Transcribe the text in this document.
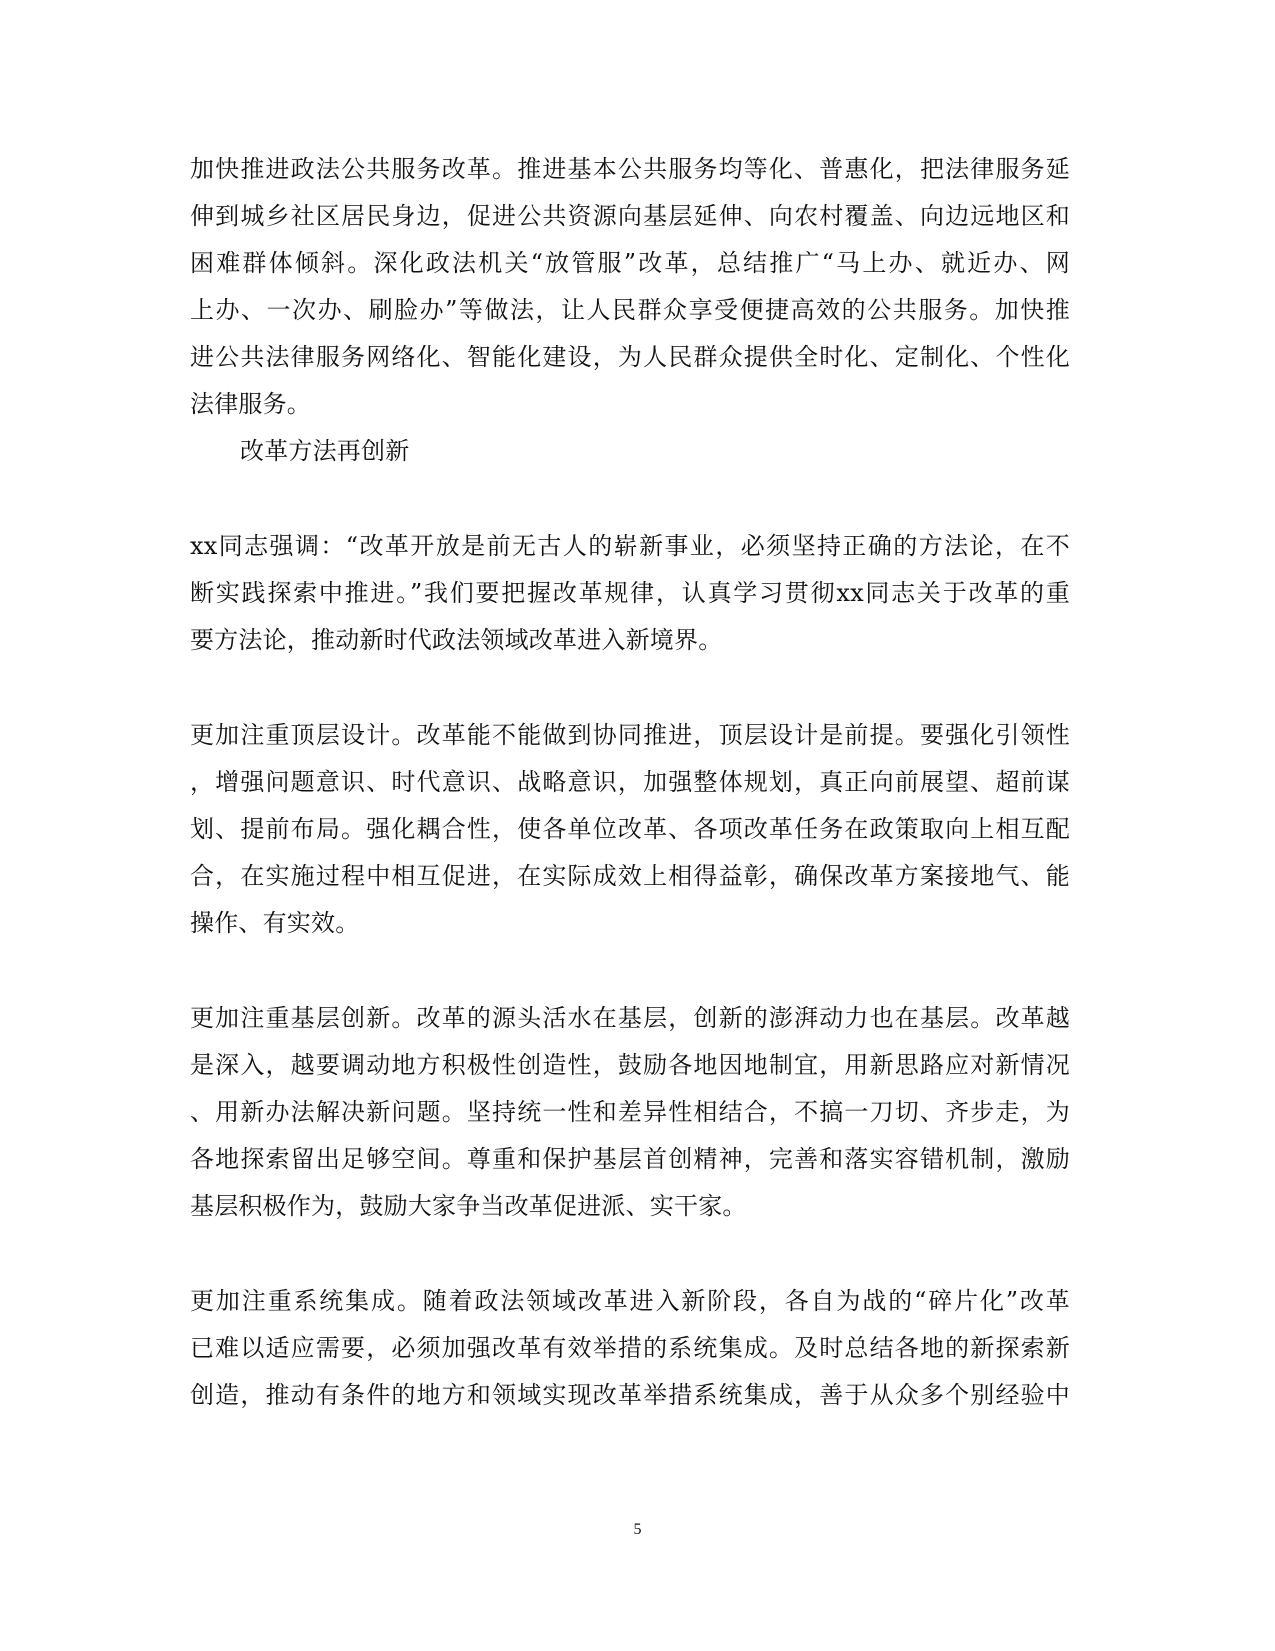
加快推进政法公共服务改革。推进基本公共服务均等化、普惠化，把法律服务延
伸到城乡社区居民身边，促进公共资源向基层延伸、向农村覆盖、向边远地区和
困难群体倾斜。深化政法机关“放管服”改革，总结推广“马上办、就近办、网
上办、一次办、刷脸办”等做法，让人民群众享受便捷高效的公共服务。加快推
进公共法律服务网络化、智能化建设，为人民群众提供全时化、定制化、个性化
法律服务。
改革方法再创新
xx同志强调：“改革开放是前无古人的崭新事业，必须坚持正确的方法论，在不
断实践探索中推进。”我们要把握改革规律，认真学习贯彻xx同志关于改革的重
要方法论，推动新时代政法领域改革进入新境界。
更加注重顶层设计。改革能不能做到协同推进，顶层设计是前提。要强化引领性
，增强问题意识、时代意识、战略意识，加强整体规划，真正向前展望、超前谋
划、提前布局。强化耦合性，使各单位改革、各项改革任务在政策取向上相互配
合，在实施过程中相互促进，在实际成效上相得益彰，确保改革方案接地气、能
操作、有实效。
更加注重基层创新。改革的源头活水在基层，创新的澎湃动力也在基层。改革越
是深入，越要调动地方积极性创造性，鼓励各地因地制宜，用新思路应对新情况
、用新办法解决新问题。坚持统一性和差异性相结合，不搞一刀切、齐步走，为
各地探索留出足够空间。尊重和保护基层首创精神，完善和落实容错机制，激励
基层积极作为，鼓励大家争当改革促进派、实干家。
更加注重系统集成。随着政法领域改革进入新阶段，各自为战的“碎片化”改革
已难以适应需要，必须加强改革有效举措的系统集成。及时总结各地的新探索新
创造，推动有条件的地方和领域实现改革举措系统集成，善于从众多个别经验中
5
